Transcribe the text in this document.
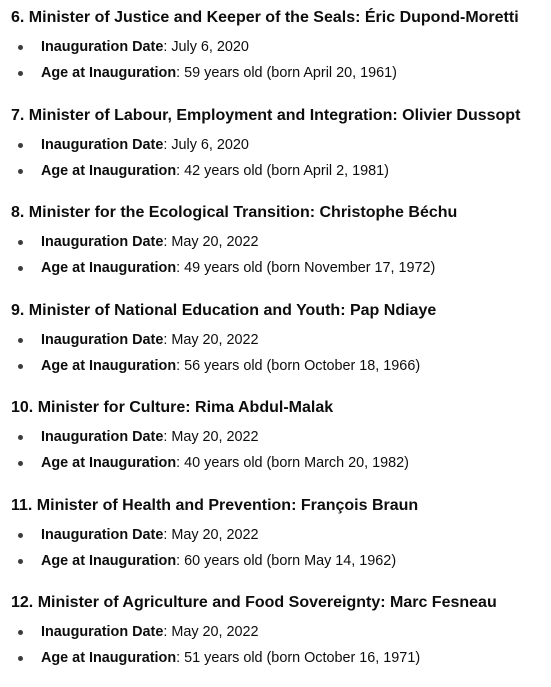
6. Minister of Justice and Keeper of the Seals: Éric Dupond-Moretti
Inauguration Date: July 6, 2020
Age at Inauguration: 59 years old (born April 20, 1961)
7. Minister of Labour, Employment and Integration: Olivier Dussopt
Inauguration Date: July 6, 2020
Age at Inauguration: 42 years old (born April 2, 1981)
8. Minister for the Ecological Transition: Christophe Béchu
Inauguration Date: May 20, 2022
Age at Inauguration: 49 years old (born November 17, 1972)
9. Minister of National Education and Youth: Pap Ndiaye
Inauguration Date: May 20, 2022
Age at Inauguration: 56 years old (born October 18, 1966)
10. Minister for Culture: Rima Abdul-Malak
Inauguration Date: May 20, 2022
Age at Inauguration: 40 years old (born March 20, 1982)
11. Minister of Health and Prevention: François Braun
Inauguration Date: May 20, 2022
Age at Inauguration: 60 years old (born May 14, 1962)
12. Minister of Agriculture and Food Sovereignty: Marc Fesneau
Inauguration Date: May 20, 2022
Age at Inauguration: 51 years old (born October 16, 1971)
